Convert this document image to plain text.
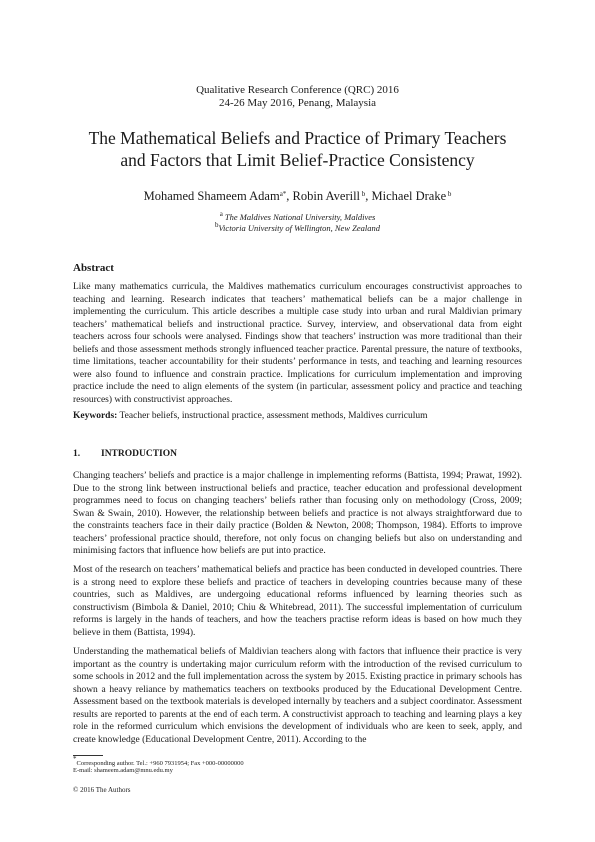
Qualitative Research Conference (QRC) 2016
24-26 May 2016, Penang, Malaysia
The Mathematical Beliefs and Practice of Primary Teachers
and Factors that Limit Belief-Practice Consistency
Mohamed Shameem Adam$^{a*}$, Robin Averill $^b$, Michael Drake $^b$
$^a$ The Maldives National University, Maldives
$^b$Victoria University of Wellington, New Zealand
Abstract
Like many mathematics curricula, the Maldives mathematics curriculum encourages constructivist approaches to teaching and learning. Research indicates that teachers’ mathematical beliefs can be a major challenge in implementing the curriculum. This article describes a multiple case study into urban and rural Maldivian primary teachers’ mathematical beliefs and instructional practice. Survey, interview, and observational data from eight teachers across four schools were analysed. Findings show that teachers’ instruction was more traditional than their beliefs and those assessment methods strongly influenced teacher practice. Parental pressure, the nature of textbooks, time limitations, teacher accountability for their students’ performance in tests, and teaching and learning resources were also found to influence and constrain practice. Implications for curriculum implementation and improving practice include the need to align elements of the system (in particular, assessment policy and practice and teaching resources) with constructivist approaches.
Keywords: Teacher beliefs, instructional practice, assessment methods, Maldives curriculum
1. INTRODUCTION
Changing teachers’ beliefs and practice is a major challenge in implementing reforms (Battista, 1994; Prawat, 1992). Due to the strong link between instructional beliefs and practice, teacher education and professional development programmes need to focus on changing teachers’ beliefs rather than focusing only on methodology (Cross, 2009; Swan & Swain, 2010). However, the relationship between beliefs and practice is not always straightforward due to the constraints teachers face in their daily practice (Bolden & Newton, 2008; Thompson, 1984). Efforts to improve teachers’ professional practice should, therefore, not only focus on changing beliefs but also on understanding and minimising factors that influence how beliefs are put into practice.
Most of the research on teachers’ mathematical beliefs and practice has been conducted in developed countries. There is a strong need to explore these beliefs and practice of teachers in developing countries because many of these countries, such as Maldives, are undergoing educational reforms influenced by learning theories such as constructivism (Bimbola & Daniel, 2010; Chiu & Whitebread, 2011). The successful implementation of curriculum reforms is largely in the hands of teachers, and how the teachers practise reform ideas is based on how much they believe in them (Battista, 1994).
Understanding the mathematical beliefs of Maldivian teachers along with factors that influence their practice is very important as the country is undertaking major curriculum reform with the introduction of the revised curriculum to some schools in 2012 and the full implementation across the system by 2015. Existing practice in primary schools has shown a heavy reliance by mathematics teachers on textbooks produced by the Educational Development Centre. Assessment based on the textbook materials is developed internally by teachers and a subject coordinator. Assessment results are reported to parents at the end of each term. A constructivist approach to teaching and learning plays a key role in the reformed curriculum which envisions the development of individuals who are keen to seek, apply, and create knowledge (Educational Development Centre, 2011). According to the
*Corresponding author. Tel.: +960 7931954; Fax +000-00000000
E-mail: shameem.adam@mnu.edu.my
© 2016 The Authors
